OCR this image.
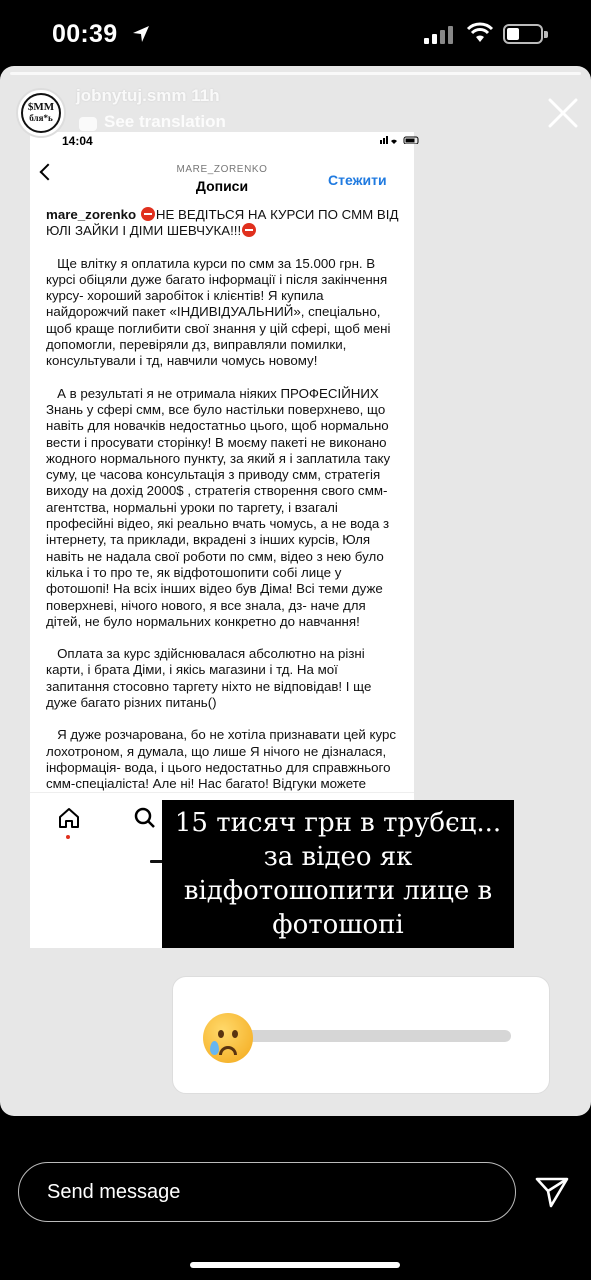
00:39
14:04
MARE_ZORENKO
Дописи	Стежити

mare_zorenko НЕ ВЕДІТЬСЯ НА КУРСИ ПО СММ ВІД ЮЛІ ЗАЙКИ І ДІМИ ШЕВЧУКА!!!

Ще влітку я оплатила курси по смм за 15.000 грн. В курсі обіцяли дуже багато інформації і після закінчення курсу- хороший заробіток і клієнтів! Я купила найдорожчий пакет «ІНДИВІДУАЛЬНИЙ», спеціально, щоб краще поглибити свої знання у цій сфері, щоб мені допомогли, перевіряли дз, виправляли помилки, консультували і тд, навчили чомусь новому!

А в результаті я не отримала ніяких ПРОФЕСІЙНИХ Знань у сфері смм, все було настільки поверхнево, що навіть для новачків недостатньо цього, щоб нормально вести і просувати сторінку! В моєму пакеті не виконано жодного нормального пункту, за який я і заплатила таку суму, це часова консультація з приводу смм, стратегія виходу на дохід 2000$ , стратегія створення свого смм-агентства, нормальні уроки по таргету, і взагалі професійні відео, які реально вчать чомусь, а не вода з інтернету, та приклади, вкрадені з інших курсів, Юля навіть не надала свої роботи по смм, відео з нею було кілька і то про те, як відфотошопити собі лице у фотошопі! На всіх інших відео був Діма! Всі теми дуже поверхневі, нічого нового, я все знала, дз- наче для дітей, не було нормальних конкретно до навчання!

Оплата за курс здійснювалася абсолютно на різні карти, і брата Діми, і якісь магазини і тд. На мої запитання стосовно таргету ніхто не відповідав! І ще дуже багато різних питань()

Я дуже розчарована, бо не хотіла признавати цей курс лохотроном, я думала, що лише Я нічого не дізналася, інформація- вода, і цього недостатньо для справжнього смм-спеціаліста! Але ні! Нас багато! Відгуки можете

$MM
бля*ь
jobnytuj.smm 11h
See translation
15 тисяч грн в трубєц...
за відео як
відфотошопити лице в
фотошопі
Send message
